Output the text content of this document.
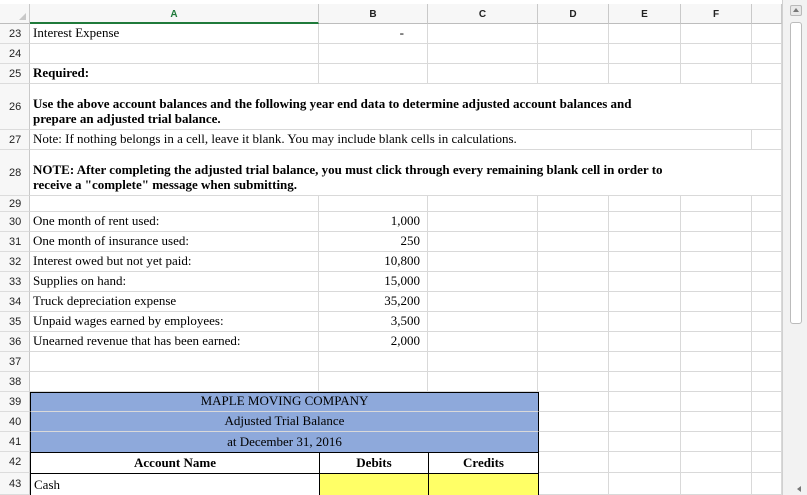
A	B	C	D	E	F
23 Interest Expense	-
24
25 Required:
26 Use the above account balances and the following year end data to determine adjusted account balances and prepare an adjusted trial balance.
27 Note: If nothing belongs in a cell, leave it blank. You may include blank cells in calculations.
28 NOTE: After completing the adjusted trial balance, you must click through every remaining blank cell in order to receive a "complete" message when submitting.
29
30 One month of rent used:	1,000
31 One month of insurance used:	250
32 Interest owed but not yet paid:	10,800
33 Supplies on hand:	15,000
34 Truck depreciation expense	35,200
35 Unpaid wages earned by employees:	3,500
36 Unearned revenue that has been earned:	2,000
37
38
39	MAPLE MOVING COMPANY
40	Adjusted Trial Balance
41	at December 31, 2016
42	Account Name	Debits	Credits
43 Cash
